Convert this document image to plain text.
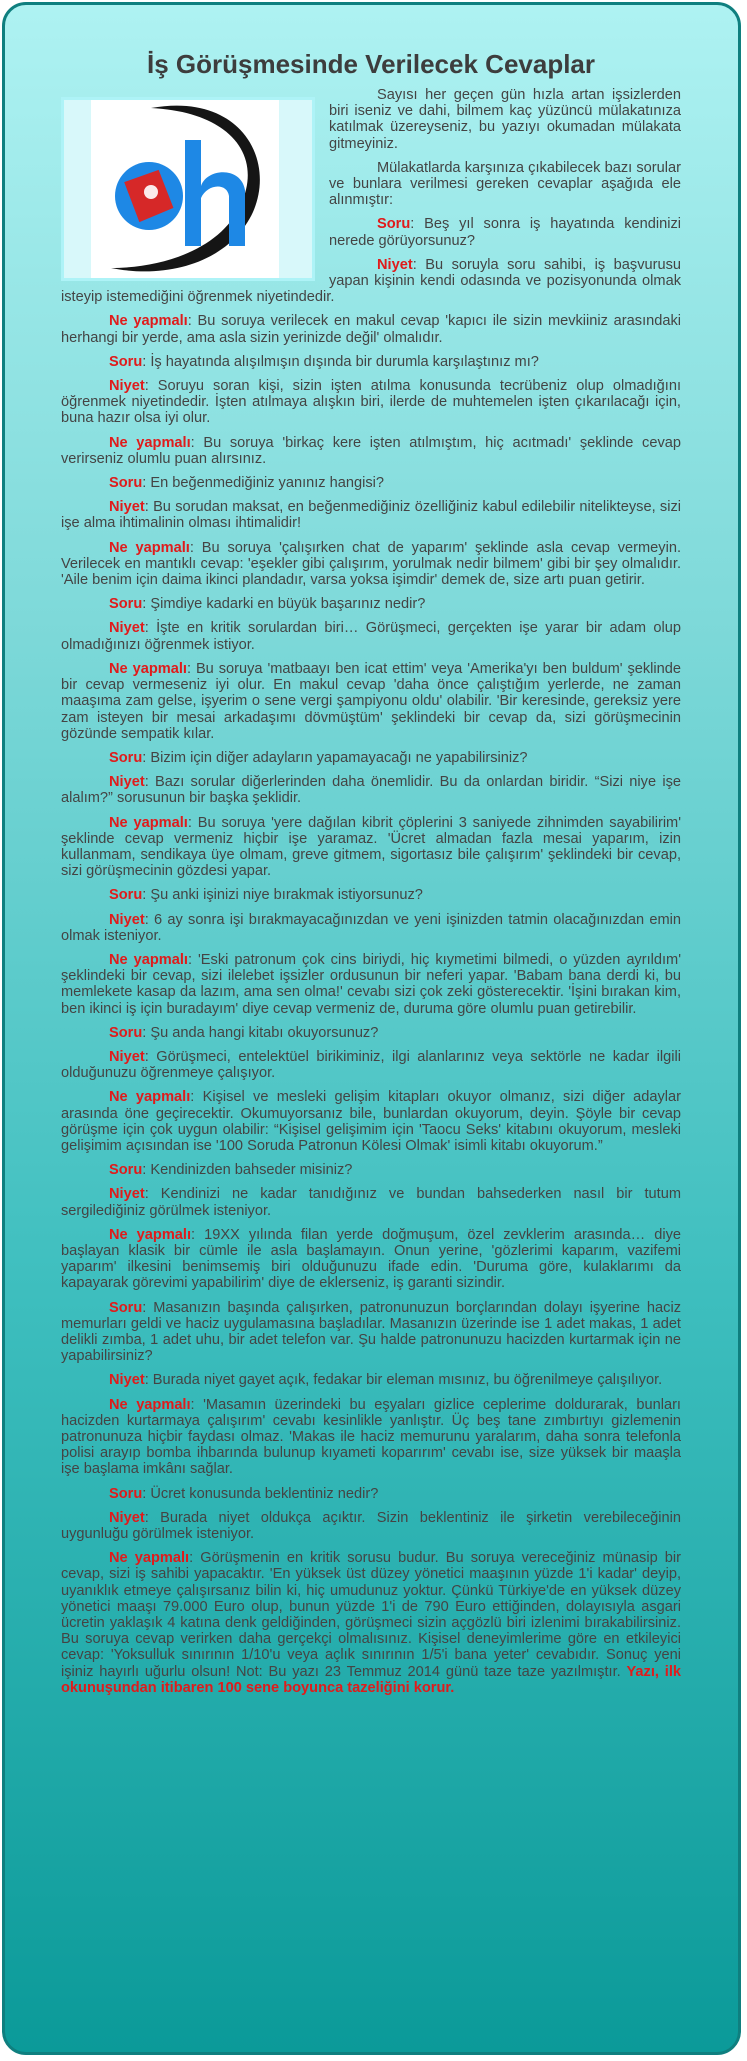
İş Görüşmesinde Verilecek Cevaplar

Sayısı her geçen gün hızla artan işsizlerden biri iseniz ve dahi, bilmem kaç yüzüncü mülakatınıza katılmak üzereyseniz, bu yazıyı okumadan mülakata gitmeyiniz.

Mülakatlarda karşınıza çıkabilecek bazı sorular ve bunlara verilmesi gereken cevaplar aşağıda ele alınmıştır:

Soru: Beş yıl sonra iş hayatında kendinizi nerede görüyorsunuz?

Niyet: Bu soruyla soru sahibi, iş başvurusu yapan kişinin kendi odasında ve pozisyonunda olmak isteyip istemediğini öğrenmek niyetindedir.

Ne yapmalı: Bu soruya verilecek en makul cevap 'kapıcı ile sizin mevkiiniz arasındaki herhangi bir yerde, ama asla sizin yerinizde değil' olmalıdır.

Soru: İş hayatında alışılmışın dışında bir durumla karşılaştınız mı?

Niyet: Soruyu soran kişi, sizin işten atılma konusunda tecrübeniz olup olmadığını öğrenmek niyetindedir. İşten atılmaya alışkın biri, ilerde de muhtemelen işten çıkarılacağı için, buna hazır olsa iyi olur.

Ne yapmalı: Bu soruya 'birkaç kere işten atılmıştım, hiç acıtmadı' şeklinde cevap verirseniz olumlu puan alırsınız.

Soru: En beğenmediğiniz yanınız hangisi?

Niyet: Bu sorudan maksat, en beğenmediğiniz özelliğiniz kabul edilebilir nitelikteyse, sizi işe alma ihtimalinin olması ihtimalidir!

Ne yapmalı: Bu soruya 'çalışırken chat de yaparım' şeklinde asla cevap vermeyin. Verilecek en mantıklı cevap: 'eşekler gibi çalışırım, yorulmak nedir bilmem' gibi bir şey olmalıdır. 'Aile benim için daima ikinci plandadır, varsa yoksa işimdir' demek de, size artı puan getirir.

Soru: Şimdiye kadarki en büyük başarınız nedir?

Niyet: İşte en kritik sorulardan biri… Görüşmeci, gerçekten işe yarar bir adam olup olmadığınızı öğrenmek istiyor.

Ne yapmalı: Bu soruya 'matbaayı ben icat ettim' veya 'Amerika'yı ben buldum' şeklinde bir cevap vermeseniz iyi olur. En makul cevap 'daha önce çalıştığım yerlerde, ne zaman maaşıma zam gelse, işyerim o sene vergi şampiyonu oldu' olabilir. 'Bir keresinde, gereksiz yere zam isteyen bir mesai arkadaşımı dövmüştüm' şeklindeki bir cevap da, sizi görüşmecinin gözünde sempatik kılar.

Soru: Bizim için diğer adayların yapamayacağı ne yapabilirsiniz?

Niyet: Bazı sorular diğerlerinden daha önemlidir. Bu da onlardan biridir. “Sizi niye işe alalım?” sorusunun bir başka şeklidir.

Ne yapmalı: Bu soruya 'yere dağılan kibrit çöplerini 3 saniyede zihnimden sayabilirim' şeklinde cevap vermeniz hiçbir işe yaramaz. 'Ücret almadan fazla mesai yaparım, izin kullanmam, sendikaya üye olmam, greve gitmem, sigortasız bile çalışırım' şeklindeki bir cevap, sizi görüşmecinin gözdesi yapar.

Soru: Şu anki işinizi niye bırakmak istiyorsunuz?

Niyet: 6 ay sonra işi bırakmayacağınızdan ve yeni işinizden tatmin olacağınızdan emin olmak isteniyor.

Ne yapmalı: 'Eski patronum çok cins biriydi, hiç kıymetimi bilmedi, o yüzden ayrıldım' şeklindeki bir cevap, sizi ilelebet işsizler ordusunun bir neferi yapar. 'Babam bana derdi ki, bu memlekete kasap da lazım, ama sen olma!' cevabı sizi çok zeki gösterecektir. 'İşini bırakan kim, ben ikinci iş için buradayım' diye cevap vermeniz de, duruma göre olumlu puan getirebilir.

Soru: Şu anda hangi kitabı okuyorsunuz?

Niyet: Görüşmeci, entelektüel birikiminiz, ilgi alanlarınız veya sektörle ne kadar ilgili olduğunuzu öğrenmeye çalışıyor.

Ne yapmalı: Kişisel ve mesleki gelişim kitapları okuyor olmanız, sizi diğer adaylar arasında öne geçirecektir. Okumuyorsanız bile, bunlardan okuyorum, deyin. Şöyle bir cevap görüşme için çok uygun olabilir: “Kişisel gelişimim için 'Taocu Seks' kitabını okuyorum, mesleki gelişimim açısından ise '100 Soruda Patronun Kölesi Olmak' isimli kitabı okuyorum.”

Soru: Kendinizden bahseder misiniz?

Niyet: Kendinizi ne kadar tanıdığınız ve bundan bahsederken nasıl bir tutum sergilediğiniz görülmek isteniyor.

Ne yapmalı: 19XX yılında filan yerde doğmuşum, özel zevklerim arasında… diye başlayan klasik bir cümle ile asla başlamayın. Onun yerine, 'gözlerimi kaparım, vazifemi yaparım' ilkesini benimsemiş biri olduğunuzu ifade edin. 'Duruma göre, kulaklarımı da kapayarak görevimi yapabilirim' diye de eklerseniz, iş garanti sizindir.

Soru: Masanızın başında çalışırken, patronunuzun borçlarından dolayı işyerine haciz memurları geldi ve haciz uygulamasına başladılar. Masanızın üzerinde ise 1 adet makas, 1 adet delikli zımba, 1 adet uhu, bir adet telefon var. Şu halde patronunuzu hacizden kurtarmak için ne yapabilirsiniz?

Niyet: Burada niyet gayet açık, fedakar bir eleman mısınız, bu öğrenilmeye çalışılıyor.

Ne yapmalı: 'Masamın üzerindeki bu eşyaları gizlice ceplerime doldurarak, bunları hacizden kurtarmaya çalışırım' cevabı kesinlikle yanlıştır. Üç beş tane zımbırtıyı gizlemenin patronunuza hiçbir faydası olmaz. 'Makas ile haciz memurunu yaralarım, daha sonra telefonla polisi arayıp bomba ihbarında bulunup kıyameti koparırım' cevabı ise, size yüksek bir maaşla işe başlama imkânı sağlar.

Soru: Ücret konusunda beklentiniz nedir?

Niyet: Burada niyet oldukça açıktır. Sizin beklentiniz ile şirketin verebileceğinin uygunluğu görülmek isteniyor.

Ne yapmalı: Görüşmenin en kritik sorusu budur. Bu soruya vereceğiniz münasip bir cevap, sizi iş sahibi yapacaktır. 'En yüksek üst düzey yönetici maaşının yüzde 1'i kadar' deyip, uyanıklık etmeye çalışırsanız bilin ki, hiç umudunuz yoktur. Çünkü Türkiye'de en yüksek düzey yönetici maaşı 79.000 Euro olup, bunun yüzde 1'i de 790 Euro ettiğinden, dolayısıyla asgari ücretin yaklaşık 4 katına denk geldiğinden, görüşmeci sizin açgözlü biri izlenimi bırakabilirsiniz. Bu soruya cevap verirken daha gerçekçi olmalısınız. Kişisel deneyimlerime göre en etkileyici cevap: 'Yoksulluk sınırının 1/10'u veya açlık sınırının 1/5'i bana yeter' cevabıdır. Sonuç yeni işiniz hayırlı uğurlu olsun! Not: Bu yazı 23 Temmuz 2014 günü taze taze yazılmıştır. Yazı, ilk okunuşundan itibaren 100 sene boyunca tazeliğini korur.
